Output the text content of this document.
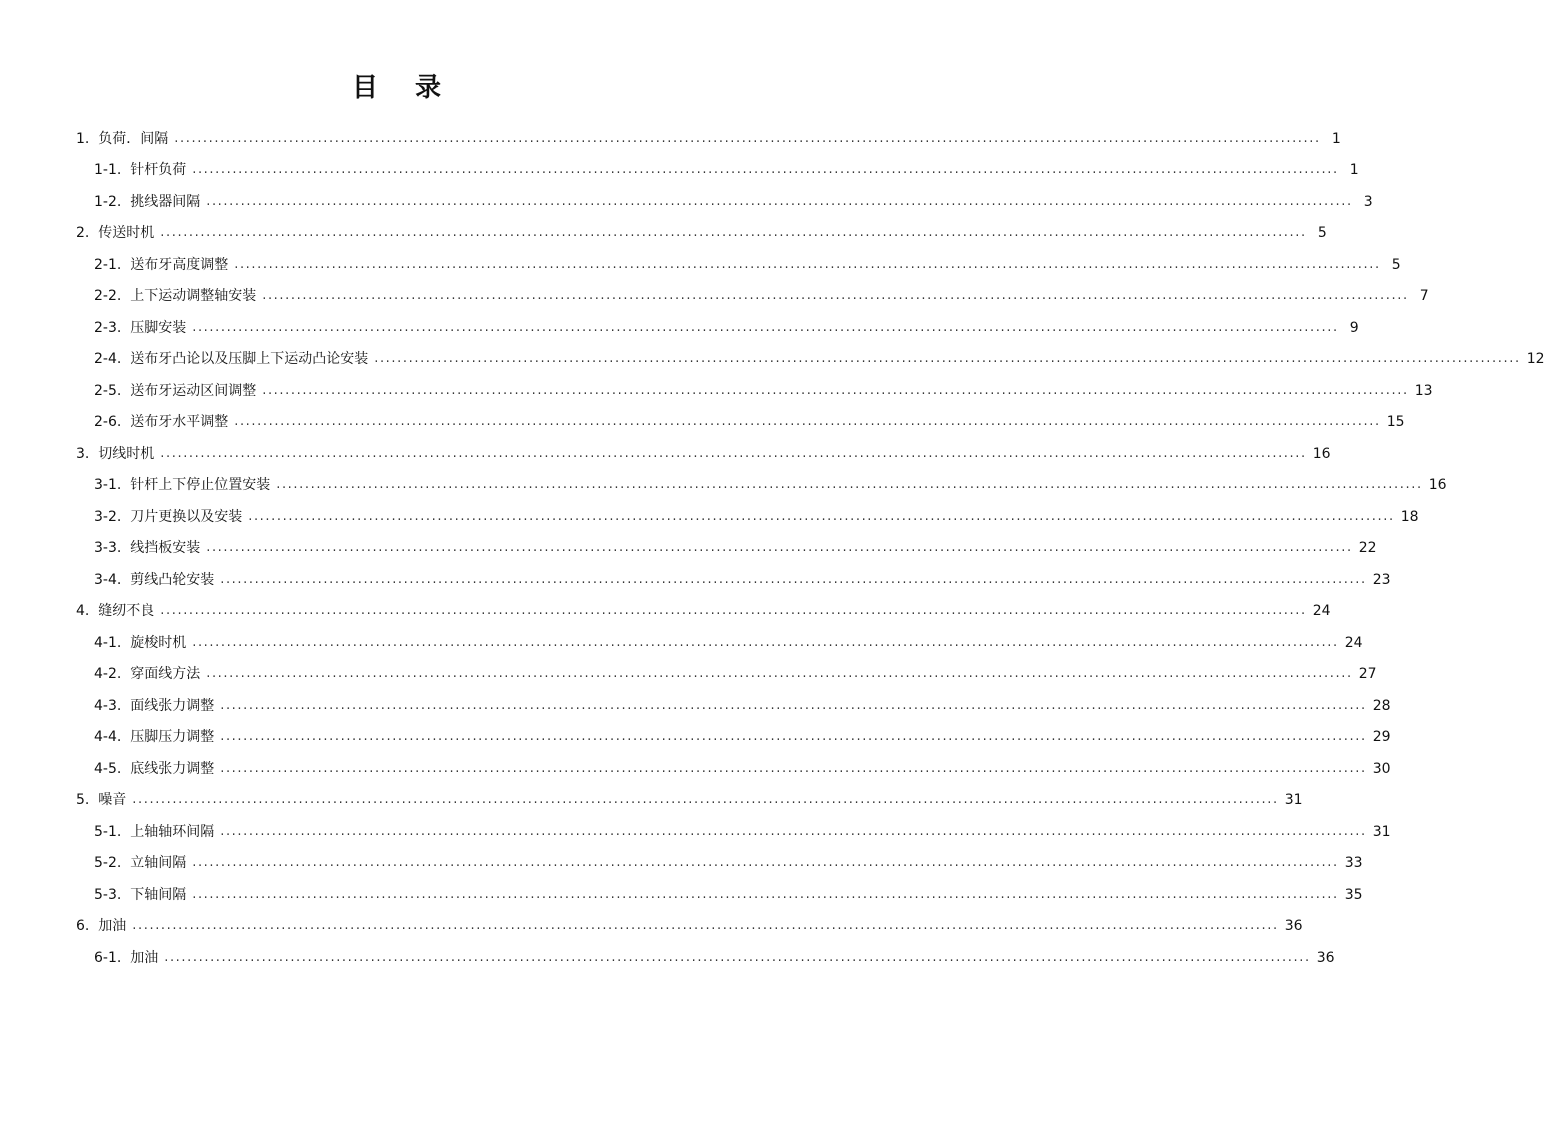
目 录
1. 负荷．间隔 ........................................................................................................................................................................................................ 1
1-1. 针杆负荷 ........................................................................................................................................................................................................ 1
1-2. 挑线器间隔 ........................................................................................................................................................................................................ 3
2. 传送时机 ........................................................................................................................................................................................................ 5
2-1. 送布牙高度调整 ........................................................................................................................................................................................................ 5
2-2. 上下运动调整轴安装 ........................................................................................................................................................................................................ 7
2-3. 压脚安装 ........................................................................................................................................................................................................ 9
2-4. 送布牙凸论以及压脚上下运动凸论安装 ........................................................................................................................................................................................................ 12
2-5. 送布牙运动区间调整 ........................................................................................................................................................................................................ 13
2-6. 送布牙水平调整 ........................................................................................................................................................................................................ 15
3. 切线时机 ........................................................................................................................................................................................................ 16
3-1. 针杆上下停止位置安装 ........................................................................................................................................................................................................ 16
3-2. 刀片更换以及安装 ........................................................................................................................................................................................................ 18
3-3. 线挡板安装 ........................................................................................................................................................................................................ 22
3-4. 剪线凸轮安装 ........................................................................................................................................................................................................ 23
4. 缝纫不良 ........................................................................................................................................................................................................ 24
4-1. 旋梭时机 ........................................................................................................................................................................................................ 24
4-2. 穿面线方法 ........................................................................................................................................................................................................ 27
4-3. 面线张力调整 ........................................................................................................................................................................................................ 28
4-4. 压脚压力调整 ........................................................................................................................................................................................................ 29
4-5. 底线张力调整 ........................................................................................................................................................................................................ 30
5. 噪音 ........................................................................................................................................................................................................ 31
5-1. 上轴轴环间隔 ........................................................................................................................................................................................................ 31
5-2. 立轴间隔 ........................................................................................................................................................................................................ 33
5-3. 下轴间隔 ........................................................................................................................................................................................................ 35
6. 加油 ........................................................................................................................................................................................................ 36
6-1. 加油 ........................................................................................................................................................................................................ 36
